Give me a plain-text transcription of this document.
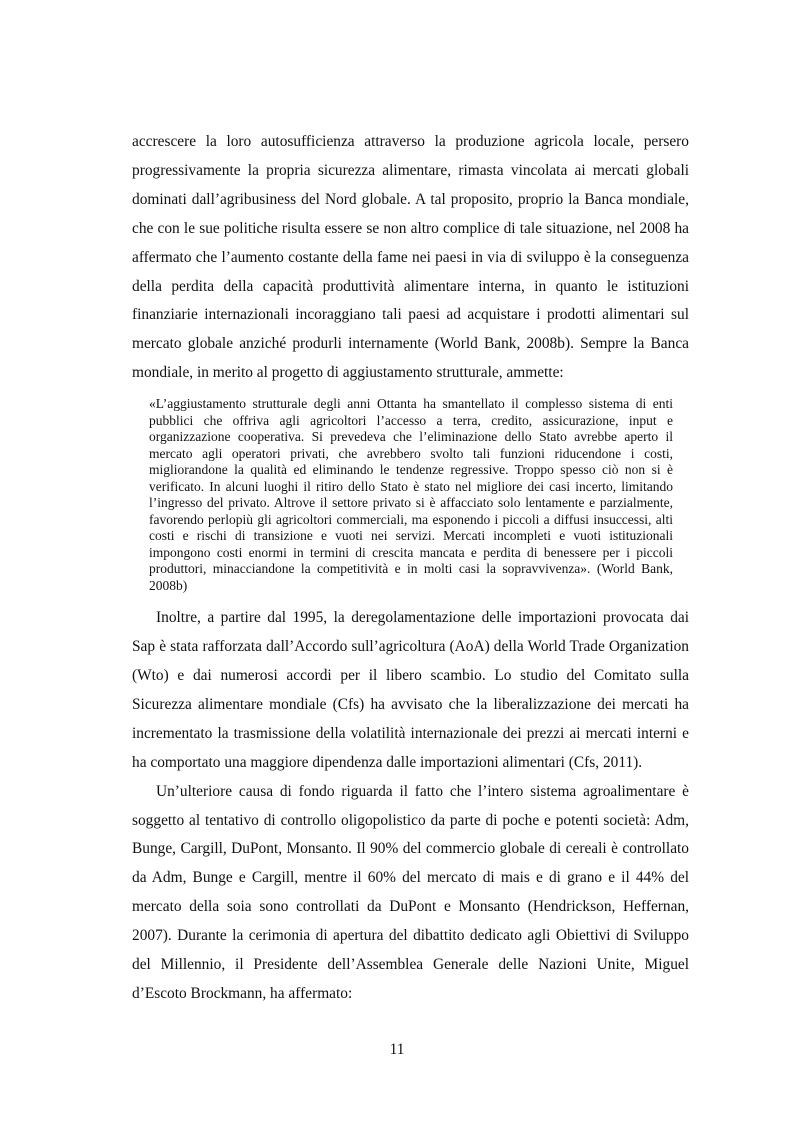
accrescere la loro autosufficienza attraverso la produzione agricola locale, persero progressivamente la propria sicurezza alimentare, rimasta vincolata ai mercati globali dominati dall’agribusiness del Nord globale. A tal proposito, proprio la Banca mondiale, che con le sue politiche risulta essere se non altro complice di tale situazione, nel 2008 ha affermato che l’aumento costante della fame nei paesi in via di sviluppo è la conseguenza della perdita della capacità produttività alimentare interna, in quanto le istituzioni finanziarie internazionali incoraggiano tali paesi ad acquistare i prodotti alimentari sul mercato globale anziché produrli internamente (World Bank, 2008b). Sempre la Banca mondiale, in merito al progetto di aggiustamento strutturale, ammette:

«L’aggiustamento strutturale degli anni Ottanta ha smantellato il complesso sistema di enti pubblici che offriva agli agricoltori l’accesso a terra, credito, assicurazione, input e organizzazione cooperativa. Si prevedeva che l’eliminazione dello Stato avrebbe aperto il mercato agli operatori privati, che avrebbero svolto tali funzioni riducendone i costi, migliorandone la qualità ed eliminando le tendenze regressive. Troppo spesso ciò non si è verificato. In alcuni luoghi il ritiro dello Stato è stato nel migliore dei casi incerto, limitando l’ingresso del privato. Altrove il settore privato si è affacciato solo lentamente e parzialmente, favorendo perlopiù gli agricoltori commerciali, ma esponendo i piccoli a diffusi insuccessi, alti costi e rischi di transizione e vuoti nei servizi. Mercati incompleti e vuoti istituzionali impongono costi enormi in termini di crescita mancata e perdita di benessere per i piccoli produttori, minacciandone la competitività e in molti casi la sopravvivenza». (World Bank, 2008b)

Inoltre, a partire dal 1995, la deregolamentazione delle importazioni provocata dai Sap è stata rafforzata dall’Accordo sull’agricoltura (AoA) della World Trade Organization (Wto) e dai numerosi accordi per il libero scambio. Lo studio del Comitato sulla Sicurezza alimentare mondiale (Cfs) ha avvisato che la liberalizzazione dei mercati ha incrementato la trasmissione della volatilità internazionale dei prezzi ai mercati interni e ha comportato una maggiore dipendenza dalle importazioni alimentari (Cfs, 2011).

Un’ulteriore causa di fondo riguarda il fatto che l’intero sistema agroalimentare è soggetto al tentativo di controllo oligopolistico da parte di poche e potenti società: Adm, Bunge, Cargill, DuPont, Monsanto. Il 90% del commercio globale di cereali è controllato da Adm, Bunge e Cargill, mentre il 60% del mercato di mais e di grano e il 44% del mercato della soia sono controllati da DuPont e Monsanto (Hendrickson, Heffernan, 2007). Durante la cerimonia di apertura del dibattito dedicato agli Obiettivi di Sviluppo del Millennio, il Presidente dell’Assemblea Generale delle Nazioni Unite, Miguel d’Escoto Brockmann, ha affermato:

11
